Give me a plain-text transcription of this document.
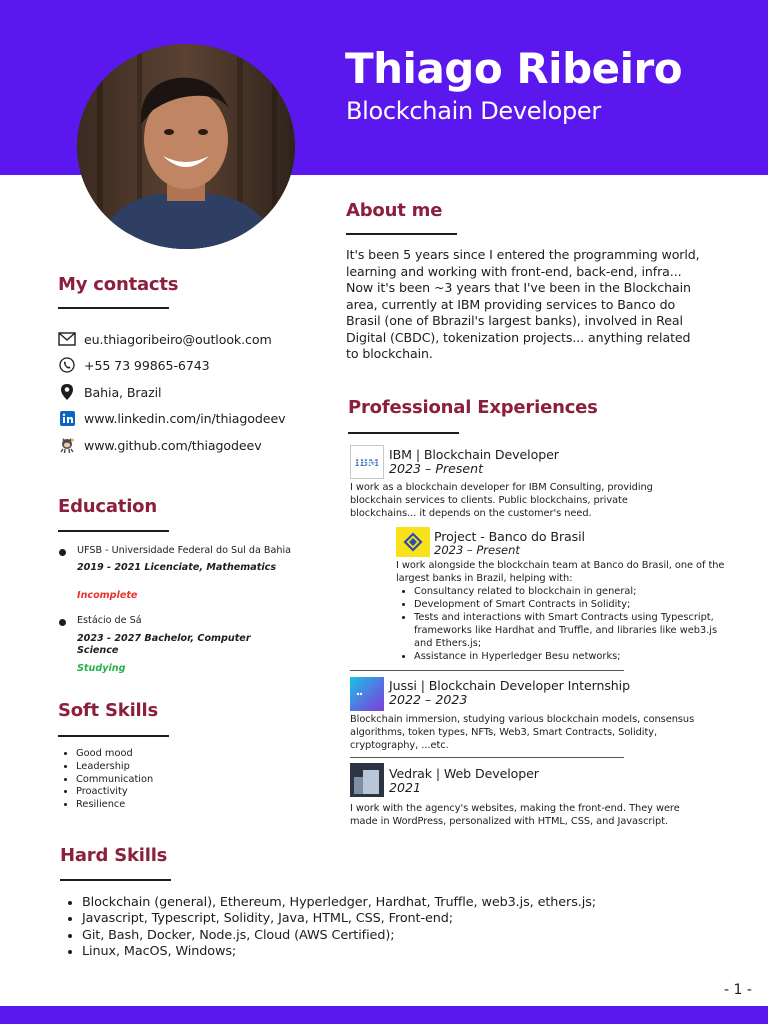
Thiago Ribeiro
Blockchain Developer
About me
It's been 5 years since I entered the programming world, learning and working with front-end, back-end, infra...
Now it's been ~3 years that I've been in the Blockchain area, currently at IBM providing services to Banco do Brasil (one of Bbrazil's largest banks), involved in Real Digital (CBDC), tokenization projects... anything related to blockchain.
My contacts
eu.thiagoribeiro@outlook.com
+55 73 99865-6743
Bahia, Brazil
www.linkedin.com/in/thiagodeev
www.github.com/thiagodeev
Education
UFSB - Universidade Federal do Sul da Bahia
2019 - 2021 Licenciate, Mathematics
Incomplete
Estácio de Sá
2023 - 2027 Bachelor, Computer Science
Studying
Soft Skills
• Good mood
• Leadership
• Communication
• Proactivity
• Resilience
Hard Skills
• Blockchain (general), Ethereum, Hyperledger, Hardhat, Truffle, web3.js, ethers.js;
• Javascript, Typescript, Solidity, Java, HTML, CSS, Front-end;
• Git, Bash, Docker, Node.js, Cloud (AWS Certified);
• Linux, MacOS, Windows;
Professional Experiences
IBM
IBM | Blockchain Developer
2023 – Present
I work as a blockchain developer for IBM Consulting, providing blockchain services to clients. Public blockchains, private blockchains... it depends on the customer's need.
Project - Banco do Brasil
2023 – Present
I work alongside the blockchain team at Banco do Brasil, one of the largest banks in Brazil, helping with:
• Consultancy related to blockchain in general;
• Development of Smart Contracts in Solidity;
• Tests and interactions with Smart Contracts using Typescript, frameworks like Hardhat and Truffle, and libraries like web3.js and Ethers.js;
• Assistance in Hyperledger Besu networks;
Jussi | Blockchain Developer Internship
2022 – 2023
Blockchain immersion, studying various blockchain models, consensus algorithms, token types, NFTs, Web3, Smart Contracts, Solidity, cryptography, ...etc.
Vedrak | Web Developer
2021
I work with the agency's websites, making the front-end. They were made in WordPress, personalized with HTML, CSS, and Javascript.
- 1 -
